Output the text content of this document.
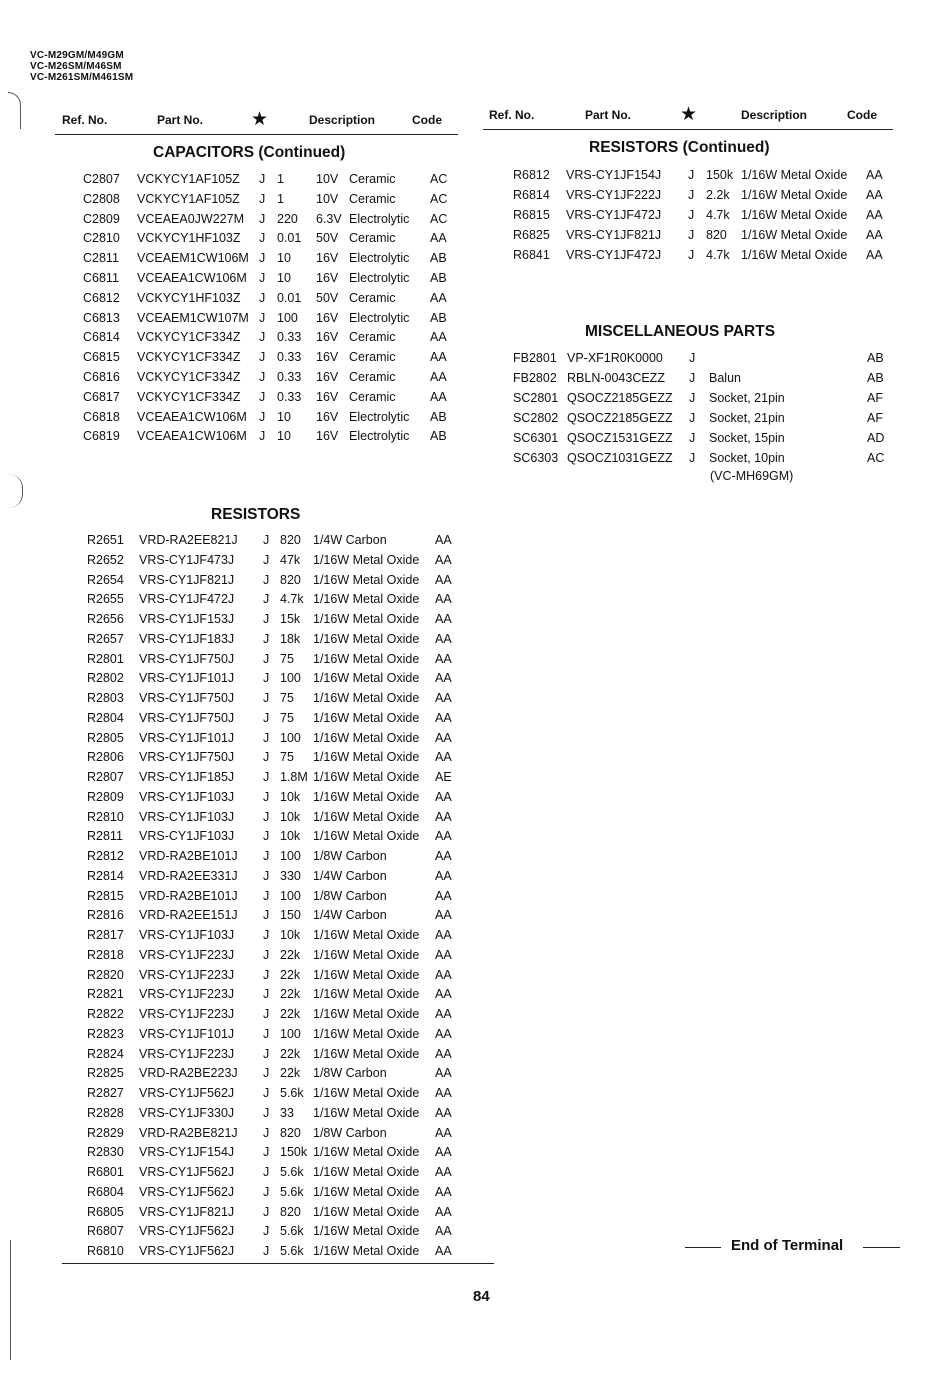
VC-M29GM/M49GM
VC-M26SM/M46SM
VC-M261SM/M461SM
Ref. No.	Part No.	★	Description	Code	Ref. No.	Part No.	★	Description	Code
CAPACITORS (Continued)
RESISTORS
RESISTORS (Continued)
MISCELLANEOUS PARTS
C2807 VCKYCY1AF105Z J 1	10V Ceramic	AC
C2808 VCKYCY1AF105Z J 1	10V Ceramic	AC
C2809 VCEAEA0JW227M J 220 6.3V Electrolytic AC
C2810 VCKYCY1HF103Z J 0.01 50V Ceramic	AA
C2811 VCEAEM1CW106M J 10 16V Electrolytic AB
C6811 VCEAEA1CW106M J 10 16V Electrolytic AB
C6812 VCKYCY1HF103Z J 0.01 50V Ceramic	AA
C6813 VCEAEM1CW107M J 100 16V Electrolytic AB
C6814 VCKYCY1CF334Z J 0.33 16V Ceramic	AA
C6815 VCKYCY1CF334Z J 0.33 16V Ceramic	AA
C6816 VCKYCY1CF334Z J 0.33 16V Ceramic	AA
C6817 VCKYCY1CF334Z J 0.33 16V Ceramic	AA
C6818 VCEAEA1CW106M J 10 16V Electrolytic AB
C6819 VCEAEA1CW106M J 10 16V Electrolytic AB
R2651 VRD-RA2EE821J J 820 1/4W Carbon	AA
R2652 VRS-CY1JF473J J 47k 1/16W Metal Oxide AA
R2654 VRS-CY1JF821J J 820 1/16W Metal Oxide AA
R2655 VRS-CY1JF472J J 4.7k 1/16W Metal Oxide AA
R2656 VRS-CY1JF153J J 15k 1/16W Metal Oxide AA
R2657 VRS-CY1JF183J J 18k 1/16W Metal Oxide AA
R2801 VRS-CY1JF750J J 75 1/16W Metal Oxide AA
R2802 VRS-CY1JF101J J 100 1/16W Metal Oxide AA
R2803 VRS-CY1JF750J J 75 1/16W Metal Oxide AA
R2804 VRS-CY1JF750J J 75 1/16W Metal Oxide AA
R2805 VRS-CY1JF101J J 100 1/16W Metal Oxide AA
R2806 VRS-CY1JF750J J 75 1/16W Metal Oxide AA
R2807 VRS-CY1JF185J J 1.8M 1/16W Metal Oxide AE
R2809 VRS-CY1JF103J J 10k 1/16W Metal Oxide AA
R2810 VRS-CY1JF103J J 10k 1/16W Metal Oxide AA
R2811 VRS-CY1JF103J J 10k 1/16W Metal Oxide AA
R2812 VRD-RA2BE101J J 100 1/8W Carbon	AA
R2814 VRD-RA2EE331J J 330 1/4W Carbon	AA
R2815 VRD-RA2BE101J J 100 1/8W Carbon	AA
R2816 VRD-RA2EE151J J 150 1/4W Carbon	AA
R2817 VRS-CY1JF103J J 10k 1/16W Metal Oxide AA
R2818 VRS-CY1JF223J J 22k 1/16W Metal Oxide AA
R2820 VRS-CY1JF223J J 22k 1/16W Metal Oxide AA
R2821 VRS-CY1JF223J J 22k 1/16W Metal Oxide AA
R2822 VRS-CY1JF223J J 22k 1/16W Metal Oxide AA
R2823 VRS-CY1JF101J J 100 1/16W Metal Oxide AA
R2824 VRS-CY1JF223J J 22k 1/16W Metal Oxide AA
R2825 VRD-RA2BE223J J 22k 1/8W Carbon	AA
R2827 VRS-CY1JF562J J 5.6k 1/16W Metal Oxide AA
R2828 VRS-CY1JF330J J 33 1/16W Metal Oxide AA
R2829 VRD-RA2BE821J J 820 1/8W Carbon	AA
R2830 VRS-CY1JF154J J 150k 1/16W Metal Oxide AA
R6801 VRS-CY1JF562J J 5.6k 1/16W Metal Oxide AA
R6804 VRS-CY1JF562J J 5.6k 1/16W Metal Oxide AA
R6805 VRS-CY1JF821J J 820 1/16W Metal Oxide AA
R6807 VRS-CY1JF562J J 5.6k 1/16W Metal Oxide AA
R6810 VRS-CY1JF562J J 5.6k 1/16W Metal Oxide AA
R6812 VRS-CY1JF154J J 150k 1/16W Metal Oxide AA
R6814 VRS-CY1JF222J J 2.2k 1/16W Metal Oxide AA
R6815 VRS-CY1JF472J J 4.7k 1/16W Metal Oxide AA
R6825 VRS-CY1JF821J J 820 1/16W Metal Oxide AA
R6841 VRS-CY1JF472J J 4.7k 1/16W Metal Oxide AA
FB2801 VP-XF1R0K0000 J	AB
FB2802 RBLN-0043CEZZ J Balun	AB
SC2801 QSOCZ2185GEZZ J Socket, 21pin	AF
SC2802 QSOCZ2185GEZZ J Socket, 21pin	AF
SC6301 QSOCZ1531GEZZ J Socket, 15pin	AD
SC6303 QSOCZ1031GEZZ J Socket, 10pin	AC
(VC-MH69GM)
End of Terminal
84
